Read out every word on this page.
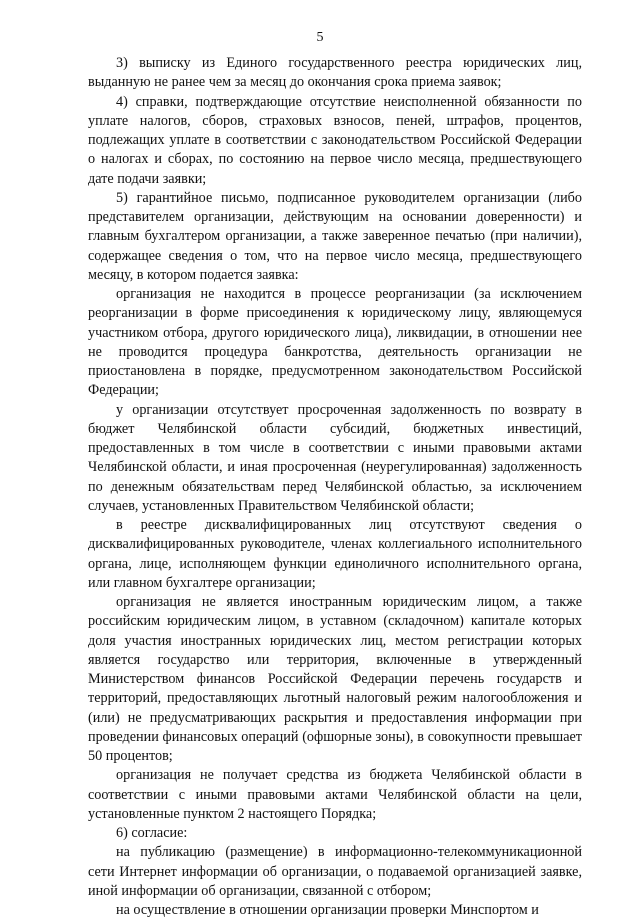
5

3) выписку из Единого государственного реестра юридических лиц, выданную не ранее чем за месяц до окончания срока приема заявок;

4) справки, подтверждающие отсутствие неисполненной обязанности по уплате налогов, сборов, страховых взносов, пеней, штрафов, процентов, подлежащих уплате в соответствии с законодательством Российской Федерации о налогах и сборах, по состоянию на первое число месяца, предшествующего дате подачи заявки;

5) гарантийное письмо, подписанное руководителем организации (либо представителем организации, действующим на основании доверенности) и главным бухгалтером организации, а также заверенное печатью (при наличии), содержащее сведения о том, что на первое число месяца, предшествующего месяцу, в котором подается заявка:

организация не находится в процессе реорганизации (за исключением реорганизации в форме присоединения к юридическому лицу, являющемуся участником отбора, другого юридического лица), ликвидации, в отношении нее не проводится процедура банкротства, деятельность организации не приостановлена в порядке, предусмотренном законодательством Российской Федерации;

у организации отсутствует просроченная задолженность по возврату в бюджет Челябинской области субсидий, бюджетных инвестиций, предоставленных в том числе в соответствии с иными правовыми актами Челябинской области, и иная просроченная (неурегулированная) задолженность по денежным обязательствам перед Челябинской областью, за исключением случаев, установленных Правительством Челябинской области;

в реестре дисквалифицированных лиц отсутствуют сведения о дисквалифицированных руководителе, членах коллегиального исполнительного органа, лице, исполняющем функции единоличного исполнительного органа, или главном бухгалтере организации;

организация не является иностранным юридическим лицом, а также российским юридическим лицом, в уставном (складочном) капитале которых доля участия иностранных юридических лиц, местом регистрации которых является государство или территория, включенные в утвержденный Министерством финансов Российской Федерации перечень государств и территорий, предоставляющих льготный налоговый режим налогообложения и (или) не предусматривающих раскрытия и предоставления информации при проведении финансовых операций (офшорные зоны), в совокупности превышает 50 процентов;

организация не получает средства из бюджета Челябинской области в соответствии с иными правовыми актами Челябинской области на цели, установленные пунктом 2 настоящего Порядка;

6) согласие:

на публикацию (размещение) в информационно-телекоммуникационной сети Интернет информации об организации, о подаваемой организацией заявке, иной информации об организации, связанной с отбором;

на осуществление в отношении организации проверки Минспортом и
